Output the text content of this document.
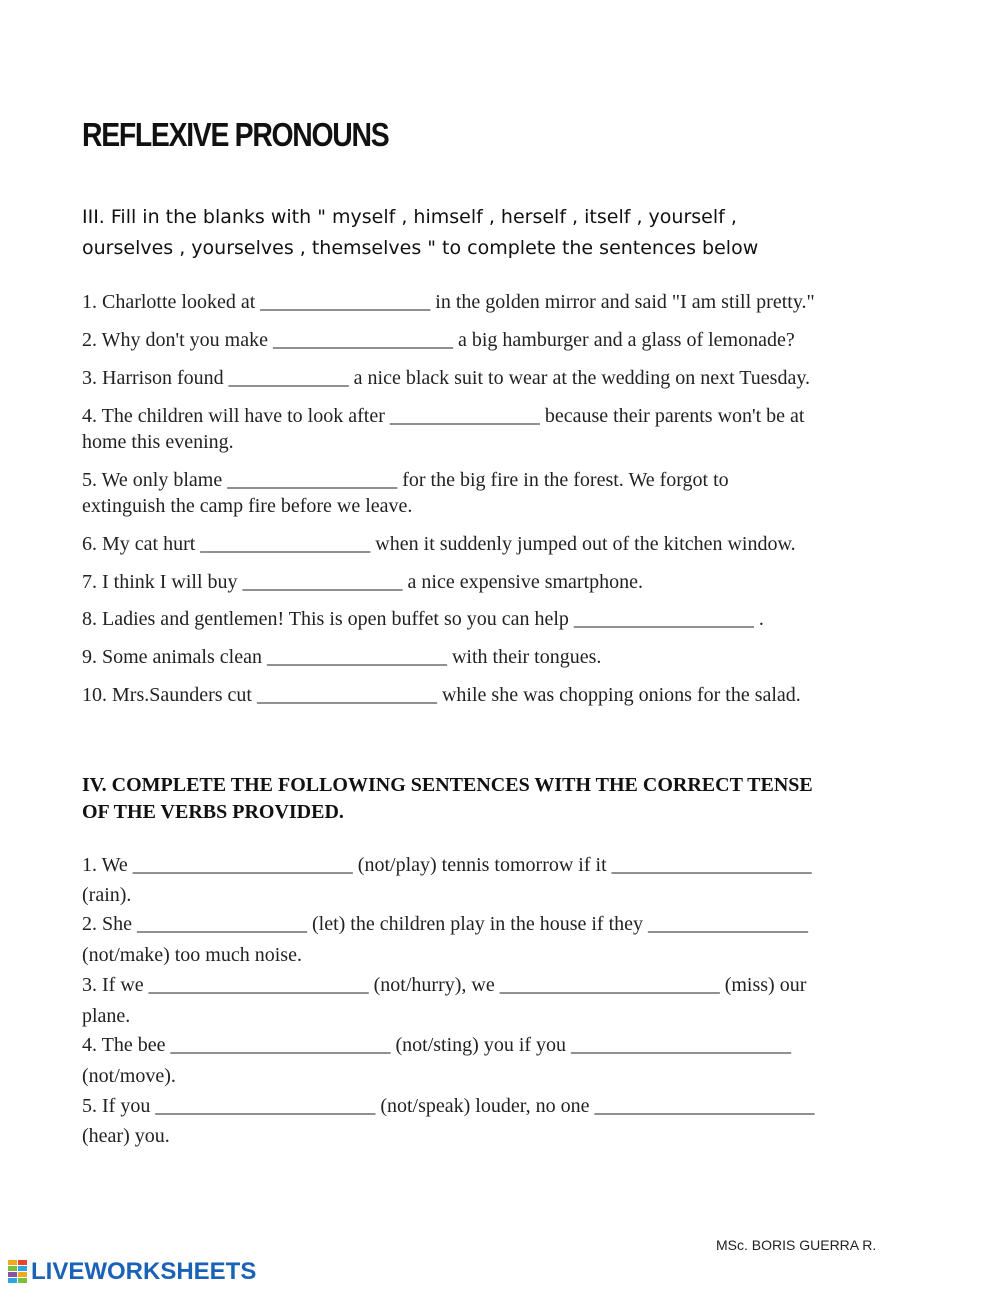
REFLEXIVE PRONOUNS
III. Fill in the blanks with " myself , himself , herself , itself , yourself ,
ourselves , yourselves , themselves " to complete the sentences below

1. Charlotte looked at _________________ in the golden mirror and said "I am still pretty."

2. Why don't you make __________________ a big hamburger and a glass of lemonade?

3. Harrison found ____________ a nice black suit to wear at the wedding on next Tuesday.

4. The children will have to look after _______________ because their parents won't be at

home this evening.

5. We only blame _________________ for the big fire in the forest. We forgot to

extinguish the camp fire before we leave.

6. My cat hurt _________________ when it suddenly jumped out of the kitchen window.

7. I think I will buy ________________ a nice expensive smartphone.

8. Ladies and gentlemen! This is open buffet so you can help __________________ .

9. Some animals clean __________________ with their tongues.

10. Mrs.Saunders cut __________________ while she was chopping onions for the salad.

IV. COMPLETE THE FOLLOWING SENTENCES WITH THE CORRECT TENSE
OF THE VERBS PROVIDED.

1. We ______________________ (not/play) tennis tomorrow if it ____________________

(rain).

2. She _________________ (let) the children play in the house if they ________________

(not/make) too much noise.

3. If we ______________________ (not/hurry), we ______________________ (miss) our

plane.

4. The bee ______________________ (not/sting) you if you ______________________

(not/move).

5. If you ______________________ (not/speak) louder, no one ______________________

(hear) you.

MSc. BORIS GUERRA R.
LIVEWORKSHEETS
